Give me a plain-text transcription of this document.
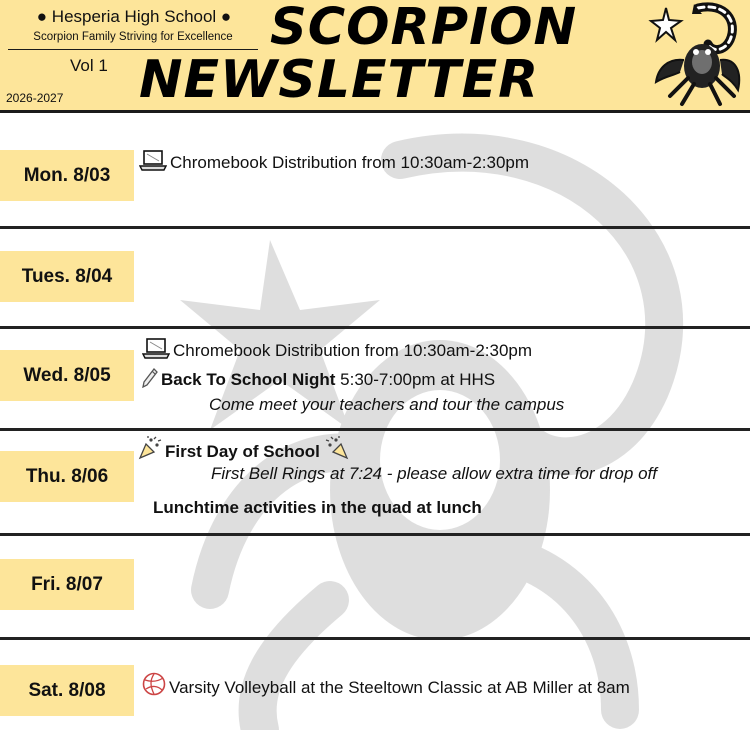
● Hesperia High School ●
Scorpion Family Striving for Excellence
Vol 1
2026-2027
SCORPION
NEWSLETTER
Mon. 8/03
Tues. 8/04
Wed. 8/05
Thu. 8/06
Fri. 8/07
Sat. 8/08
Chromebook Distribution from 10:30am-2:30pm
Chromebook Distribution from 10:30am-2:30pm
Back To School Night 5:30-7:00pm at HHS
Come meet your teachers and tour the campus
First Day of School
First Bell Rings at 7:24 - please allow extra time for drop off
Lunchtime activities in the quad at lunch
Varsity Volleyball at the Steeltown Classic at AB Miller at 8am
